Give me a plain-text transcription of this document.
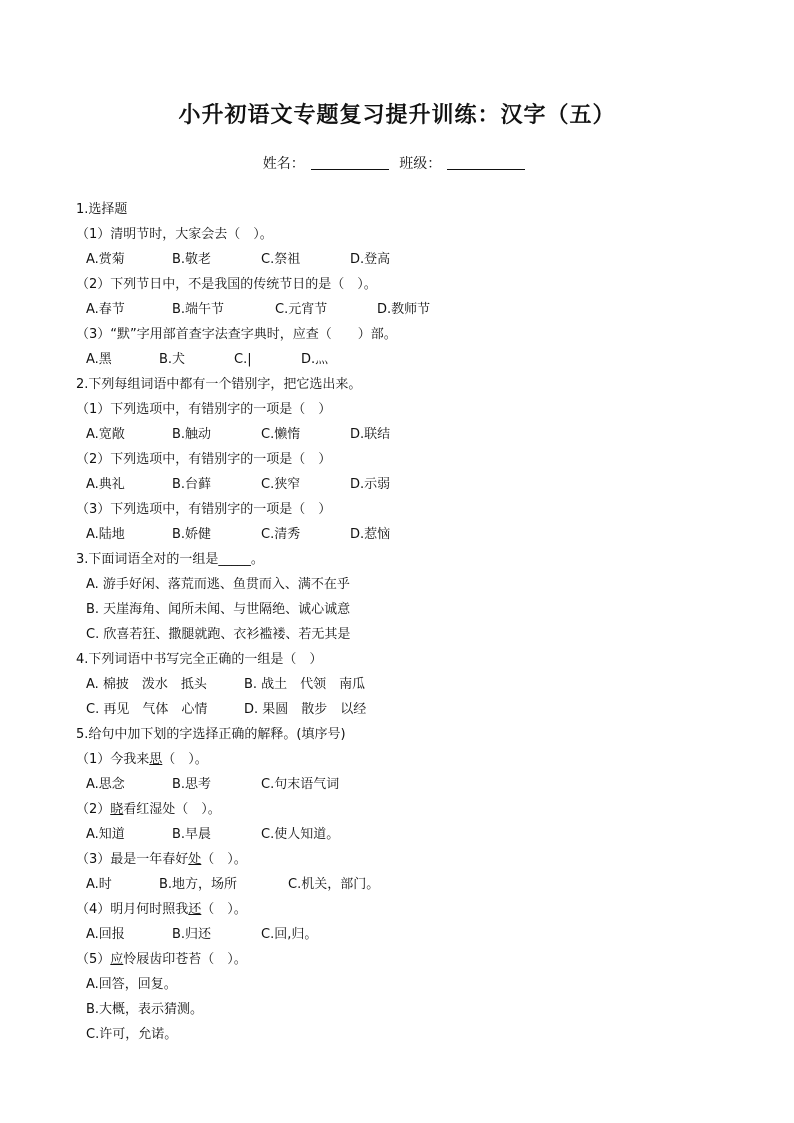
小升初语文专题复习提升训练：汉字（五）
姓名：	班级：
1.选择题
（1）清明节时，大家会去（　）。
A.赏菊	B.敬老	C.祭祖	D.登高
（2）下列节日中，不是我国的传统节日的是（　）。
A.春节	B.端午节	C.元宵节	D.教师节
（3）“默”字用部首查字法查字典时，应查（　　）部。
A.黑	B.犬	C.|	D.灬
2.下列每组词语中都有一个错别字，把它选出来。
（1）下列选项中，有错别字的一项是（　）
A.宽敞	B.触动	C.懒惰	D.联结
（2）下列选项中，有错别字的一项是（　）
A.典礼	B.台藓	C.狭窄	D.示弱
（3）下列选项中，有错别字的一项是（　）
A.陆地	B.娇健	C.清秀	D.惹恼
3.下面词语全对的一组是_____。
A. 游手好闲、落荒而逃、鱼贯而入、满不在乎
B. 天崖海角、闻所未闻、与世隔绝、诚心诚意
C. 欣喜若狂、撒腿就跑、衣衫褴褛、若无其是
4.下列词语中书写完全正确的一组是（　）
A. 棉披　泼水　抵头	B. 战土　代领　南瓜
C. 再见　气体　心情	D. 果圆　散步　以经
5.给句中加下划的字选择正确的解释。(填序号)
（1）今我来思（　）。
A.思念	B.思考	C.句末语气词
（2）晓看红湿处（　）。
A.知道	B.早晨	C.使人知道。
（3）最是一年春好处（　）。
A.时	B.地方，场所	C.机关，部门。
（4）明月何时照我还（　）。
A.回报	B.归还	C.回,归。
（5）应怜屐齿印苍苔（　）。
A.回答，回复。
B.大概，表示猜测。
C.许可，允诺。
